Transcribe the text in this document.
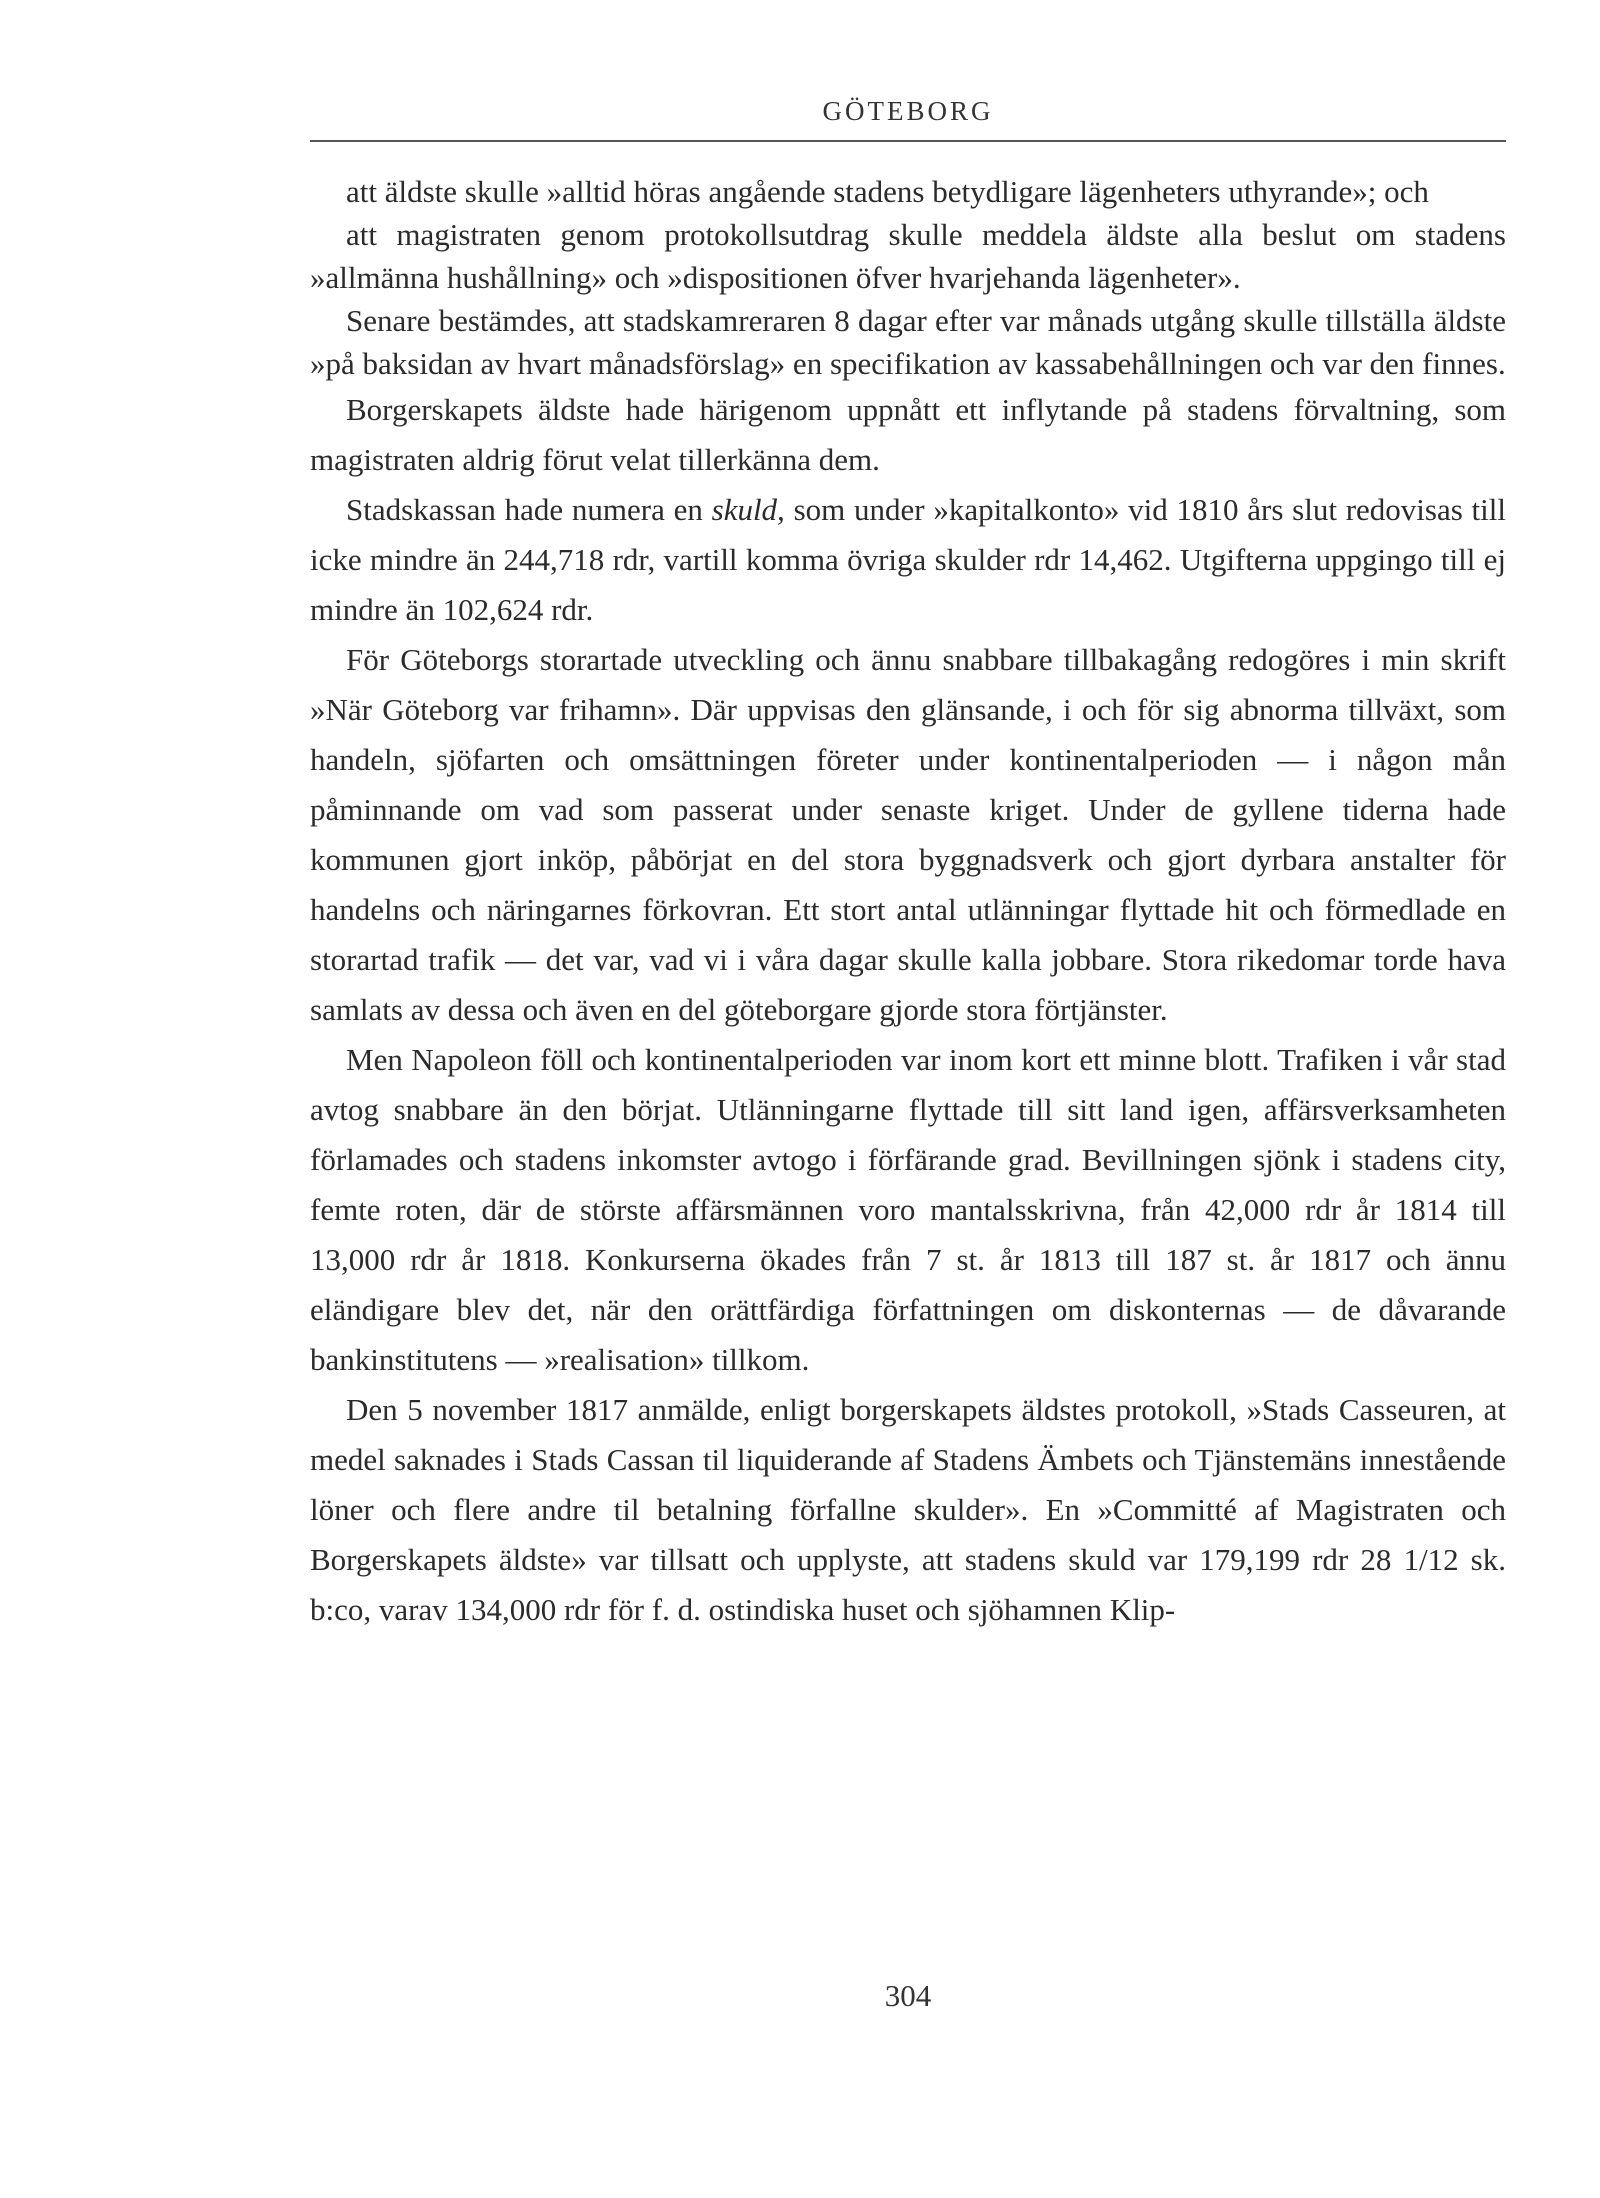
GÖTEBORG

att äldste skulle »alltid höras angående stadens betydligare lägenheters uthyrande»; och

att magistraten genom protokollsutdrag skulle meddela äldste alla beslut om stadens »allmänna hushållning» och »dispositionen öfver hvarjehanda lägenheter».

Senare bestämdes, att stadskamreraren 8 dagar efter var månads utgång skulle tillställa äldste »på baksidan av hvart månadsförslag» en specifikation av kassabehållningen och var den finnes.

Borgerskapets äldste hade härigenom uppnått ett inflytande på stadens förvaltning, som magistraten aldrig förut velat tillerkänna dem.

Stadskassan hade numera en skuld, som under »kapitalkonto» vid 1810 års slut redovisas till icke mindre än 244,718 rdr, vartill komma övriga skulder rdr 14,462. Utgifterna uppgingo till ej mindre än 102,624 rdr.

För Göteborgs storartade utveckling och ännu snabbare tillbakagång redogöres i min skrift »När Göteborg var frihamn». Där uppvisas den glänsande, i och för sig abnorma tillväxt, som handeln, sjöfarten och omsättningen företer under kontinentalperioden — i någon mån påminnande om vad som passerat under senaste kriget. Under de gyllene tiderna hade kommunen gjort inköp, påbörjat en del stora byggnadsverk och gjort dyrbara anstalter för handelns och näringarnes förkovran. Ett stort antal utlänningar flyttade hit och förmedlade en storartad trafik — det var, vad vi i våra dagar skulle kalla jobbare. Stora rikedomar torde hava samlats av dessa och även en del göteborgare gjorde stora förtjänster.

Men Napoleon föll och kontinentalperioden var inom kort ett minne blott. Trafiken i vår stad avtog snabbare än den börjat. Utlänningarne flyttade till sitt land igen, affärsverksamheten förlamades och stadens inkomster avtogo i förfärande grad. Bevillningen sjönk i stadens city, femte roten, där de störste affärsmännen voro mantalsskrivna, från 42,000 rdr år 1814 till 13,000 rdr år 1818. Konkurserna ökades från 7 st. år 1813 till 187 st. år 1817 och ännu eländigare blev det, när den orättfärdiga författningen om diskonternas — de dåvarande bankinstitutens — »realisation» tillkom.

Den 5 november 1817 anmälde, enligt borgerskapets äldstes protokoll, »Stads Casseuren, at medel saknades i Stads Cassan til liquiderande af Stadens Ämbets och Tjänstemäns innestående löner och flere andre til betalning förfallne skulder». En »Committé af Magistraten och Borgerskapets äldste» var tillsatt och upplyste, att stadens skuld var 179,199 rdr 28 1/12 sk. b:co, varav 134,000 rdr för f. d. ostindiska huset och sjöhamnen Klip-

304
